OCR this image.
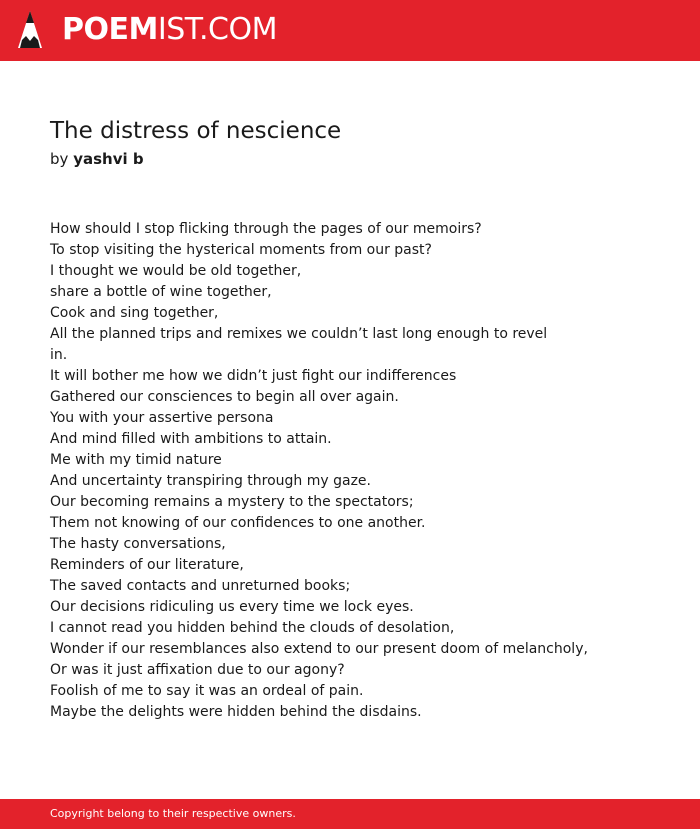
POEMIST.COM
The distress of nescience
by yashvi b
How should I stop flicking through the pages of our memoirs?
To stop visiting the hysterical moments from our past?
I thought we would be old together,
share a bottle of wine together,
Cook and sing together,
All the planned trips and remixes we couldn’t last long enough to revel
in.
It will bother me how we didn’t just fight our indifferences
Gathered our consciences to begin all over again.
You with your assertive persona
And mind filled with ambitions to attain.
Me with my timid nature
And uncertainty transpiring through my gaze.
Our becoming remains a mystery to the spectators;
Them not knowing of our confidences to one another.
The hasty conversations,
Reminders of our literature,
The saved contacts and unreturned books;
Our decisions ridiculing us every time we lock eyes.
I cannot read you hidden behind the clouds of desolation,
Wonder if our resemblances also extend to our present doom of melancholy,
Or was it just affixation due to our agony?
Foolish of me to say it was an ordeal of pain.
Maybe the delights were hidden behind the disdains.
Copyright belong to their respective owners.
